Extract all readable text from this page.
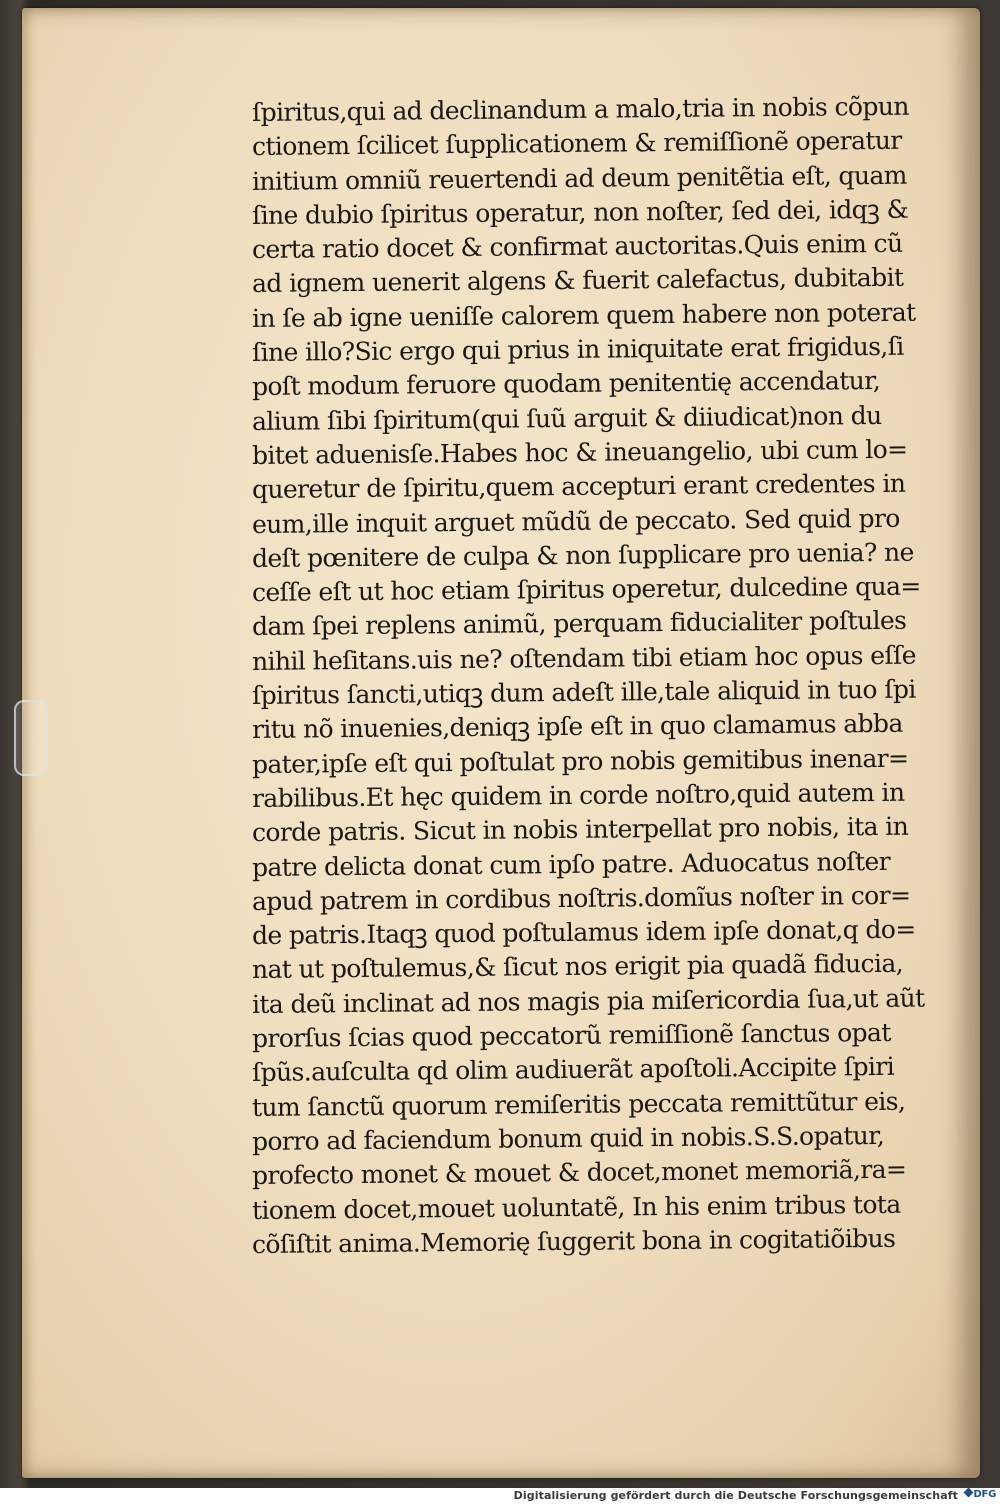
ſpiritus,qui ad declinandum a malo,tria in nobis cõpun
ctionem ſcilicet ſupplicationem & remiſſionẽ operatur
initium omniũ reuertendi ad deum penitẽtia eſt, quam
ſine dubio ſpiritus operatur, non noſter, ſed dei, idqꝫ &
certa ratio docet & confirmat auctoritas.Quis enim cũ
ad ignem uenerit algens & fuerit calefactus, dubitabit
in ſe ab igne ueniſſe calorem quem habere non poterat
ſine illo?Sic ergo qui prius in iniquitate erat frigidus,ſi
poſt modum feruore quodam penitentię accendatur,
alium ſibi ſpiritum(qui ſuũ arguit & diiudicat)non du
bitet aduenisſe.Habes hoc & ineuangelio, ubi cum lo=
queretur de ſpiritu,quem accepturi erant credentes in
eum,ille inquit arguet mũdũ de peccato. Sed quid pro
deſt pœnitere de culpa & non ſupplicare pro uenia? ne
ceſſe eſt ut hoc etiam ſpiritus operetur, dulcedine qua=
dam ſpei replens animũ, perquam fiducialiter poſtules
nihil heſitans.uis ne? oſtendam tibi etiam hoc opus eſſe
ſpiritus ſancti,utiqꝫ dum adeſt ille,tale aliquid in tuo ſpi
ritu nõ inuenies,deniqꝫ ipſe eſt in quo clamamus abba
pater,ipſe eſt qui poſtulat pro nobis gemitibus inenar=
rabilibus.Et hęc quidem in corde noſtro,quid autem in
corde patris. Sicut in nobis interpellat pro nobis, ita in
patre delicta donat cum ipſo patre. Aduocatus noſter
apud patrem in cordibus noſtris.domĩus noſter in cor=
de patris.Itaqꝫ quod poſtulamus idem ipſe donat,q do=
nat ut poſtulemus,& ſicut nos erigit pia quadã fiducia,
ita deũ inclinat ad nos magis pia miſericordia ſua,ut aũt
prorſus ſcias quod peccatorũ remiſſionẽ ſanctus opat
ſpũs.auſculta qd olim audiuerãt apoſtoli.Accipite ſpiri
tum ſanctũ quorum remiſeritis peccata remittũtur eis,
porro ad faciendum bonum quid in nobis.S.S.opatur,
profecto monet & mouet & docet,monet memoriã,ra=
tionem docet,mouet uoluntatẽ, In his enim tribus tota
cõſiſtit anima.Memorię ſuggerit bona in cogitatiõibus
Digitalisierung gefördert durch die Deutsche Forschungsgemeinschaft	DFG
